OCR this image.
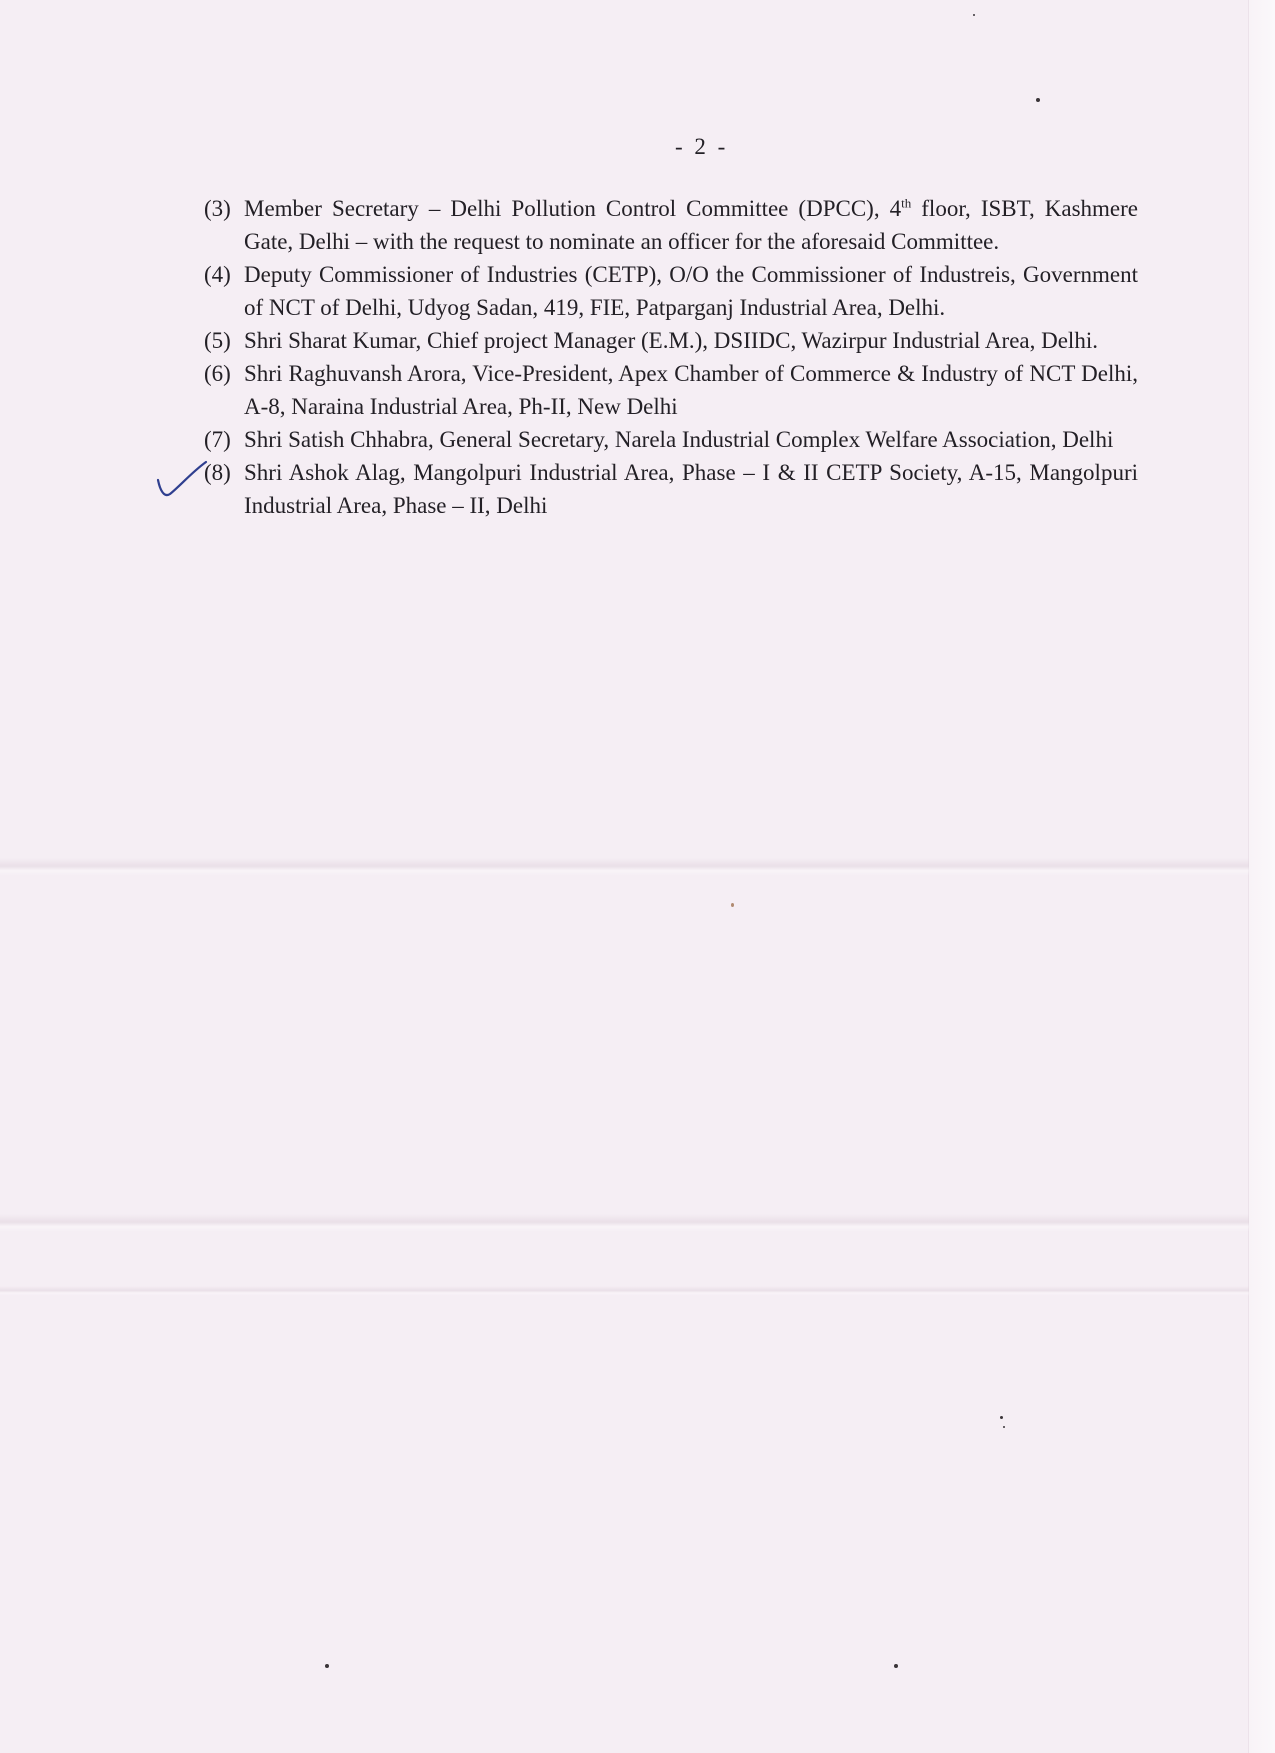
- 2 -
(3) Member Secretary – Delhi Pollution Control Committee (DPCC), 4th floor, ISBT, Kashmere Gate, Delhi – with the request to nominate an officer for the aforesaid Committee.
(4) Deputy Commissioner of Industries (CETP), O/O the Commissioner of Industreis, Government of NCT of Delhi, Udyog Sadan, 419, FIE, Patparganj Industrial Area, Delhi.
(5) Shri Sharat Kumar, Chief project Manager (E.M.), DSIIDC, Wazirpur Industrial Area, Delhi.
(6) Shri Raghuvansh Arora, Vice-President, Apex Chamber of Commerce & Industry of NCT Delhi, A-8, Naraina Industrial Area, Ph-II, New Delhi
(7) Shri Satish Chhabra, General Secretary, Narela Industrial Complex Welfare Association, Delhi
(8) Shri Ashok Alag, Mangolpuri Industrial Area, Phase – I & II CETP Society, A-15, Mangolpuri Industrial Area, Phase – II, Delhi
